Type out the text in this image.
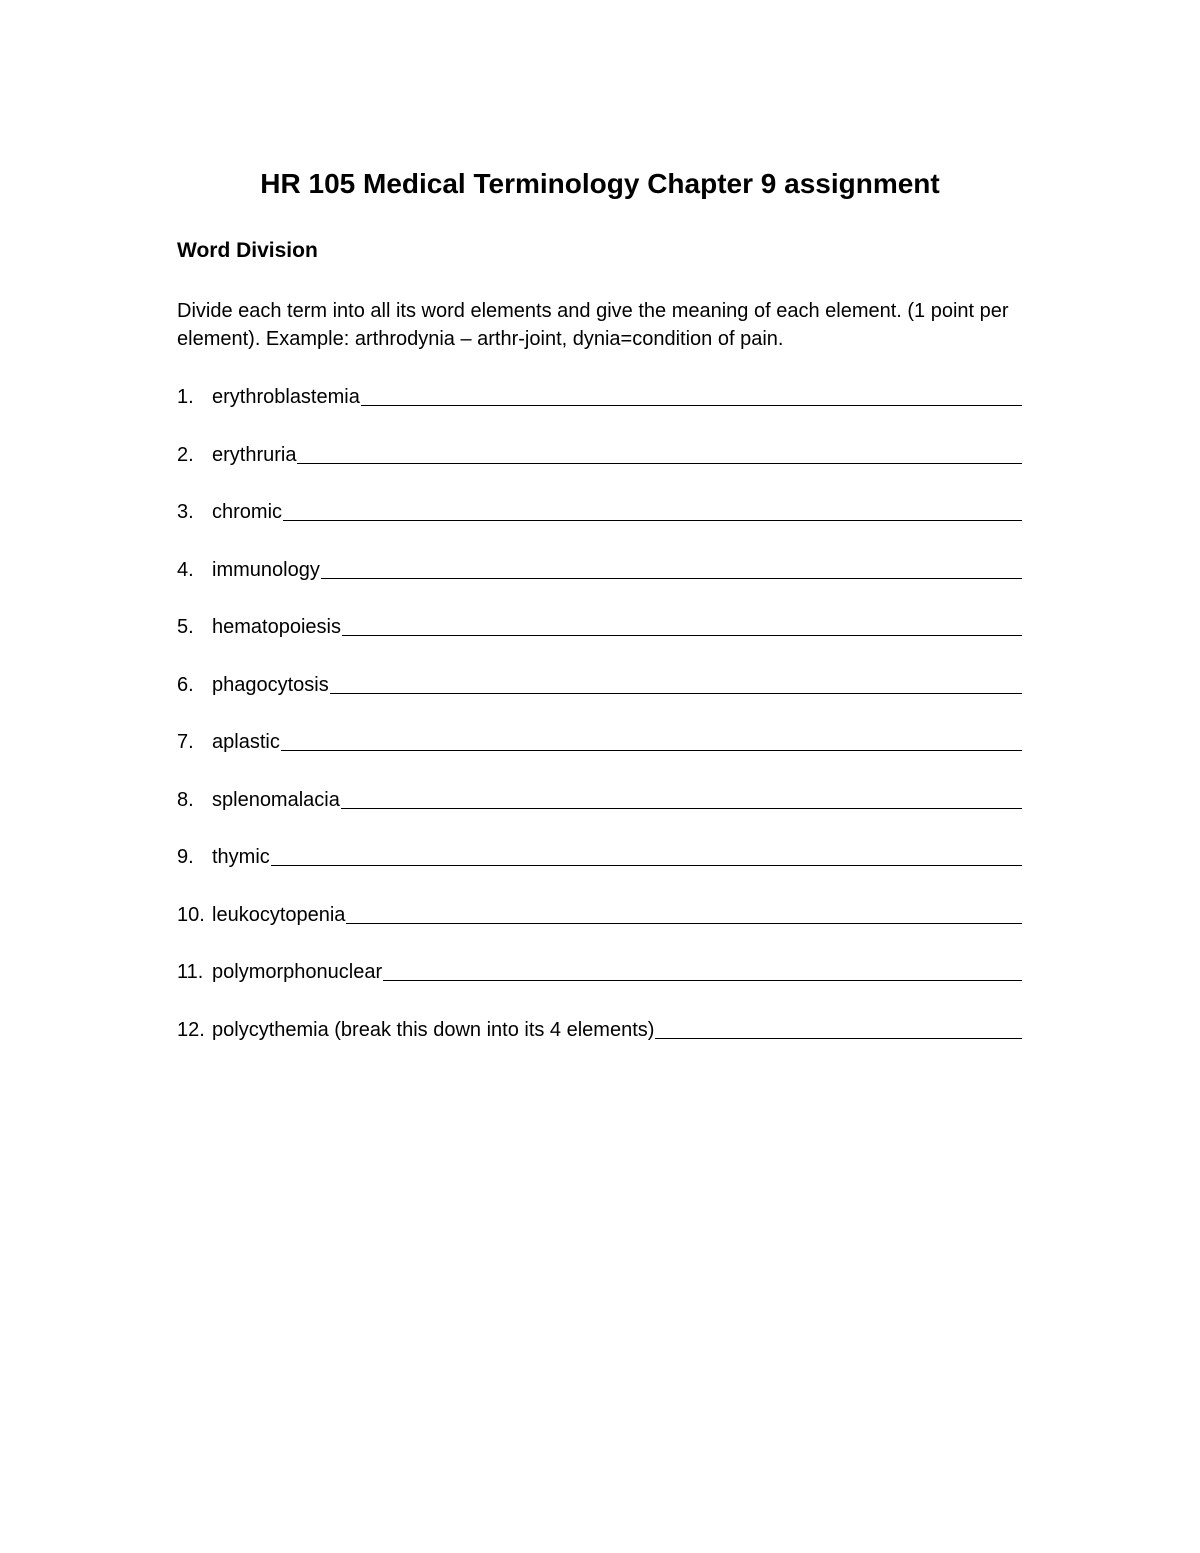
HR 105 Medical Terminology Chapter 9 assignment
Word Division
Divide each term into all its word elements and give the meaning of each element. (1 point per element). Example: arthrodynia – arthr-joint, dynia=condition of pain.
1. erythroblastemia
2. erythruria
3. chromic
4. immunology
5. hematopoiesis
6. phagocytosis
7. aplastic
8. splenomalacia
9. thymic
10. leukocytopenia
11. polymorphonuclear
12. polycythemia (break this down into its 4 elements)
